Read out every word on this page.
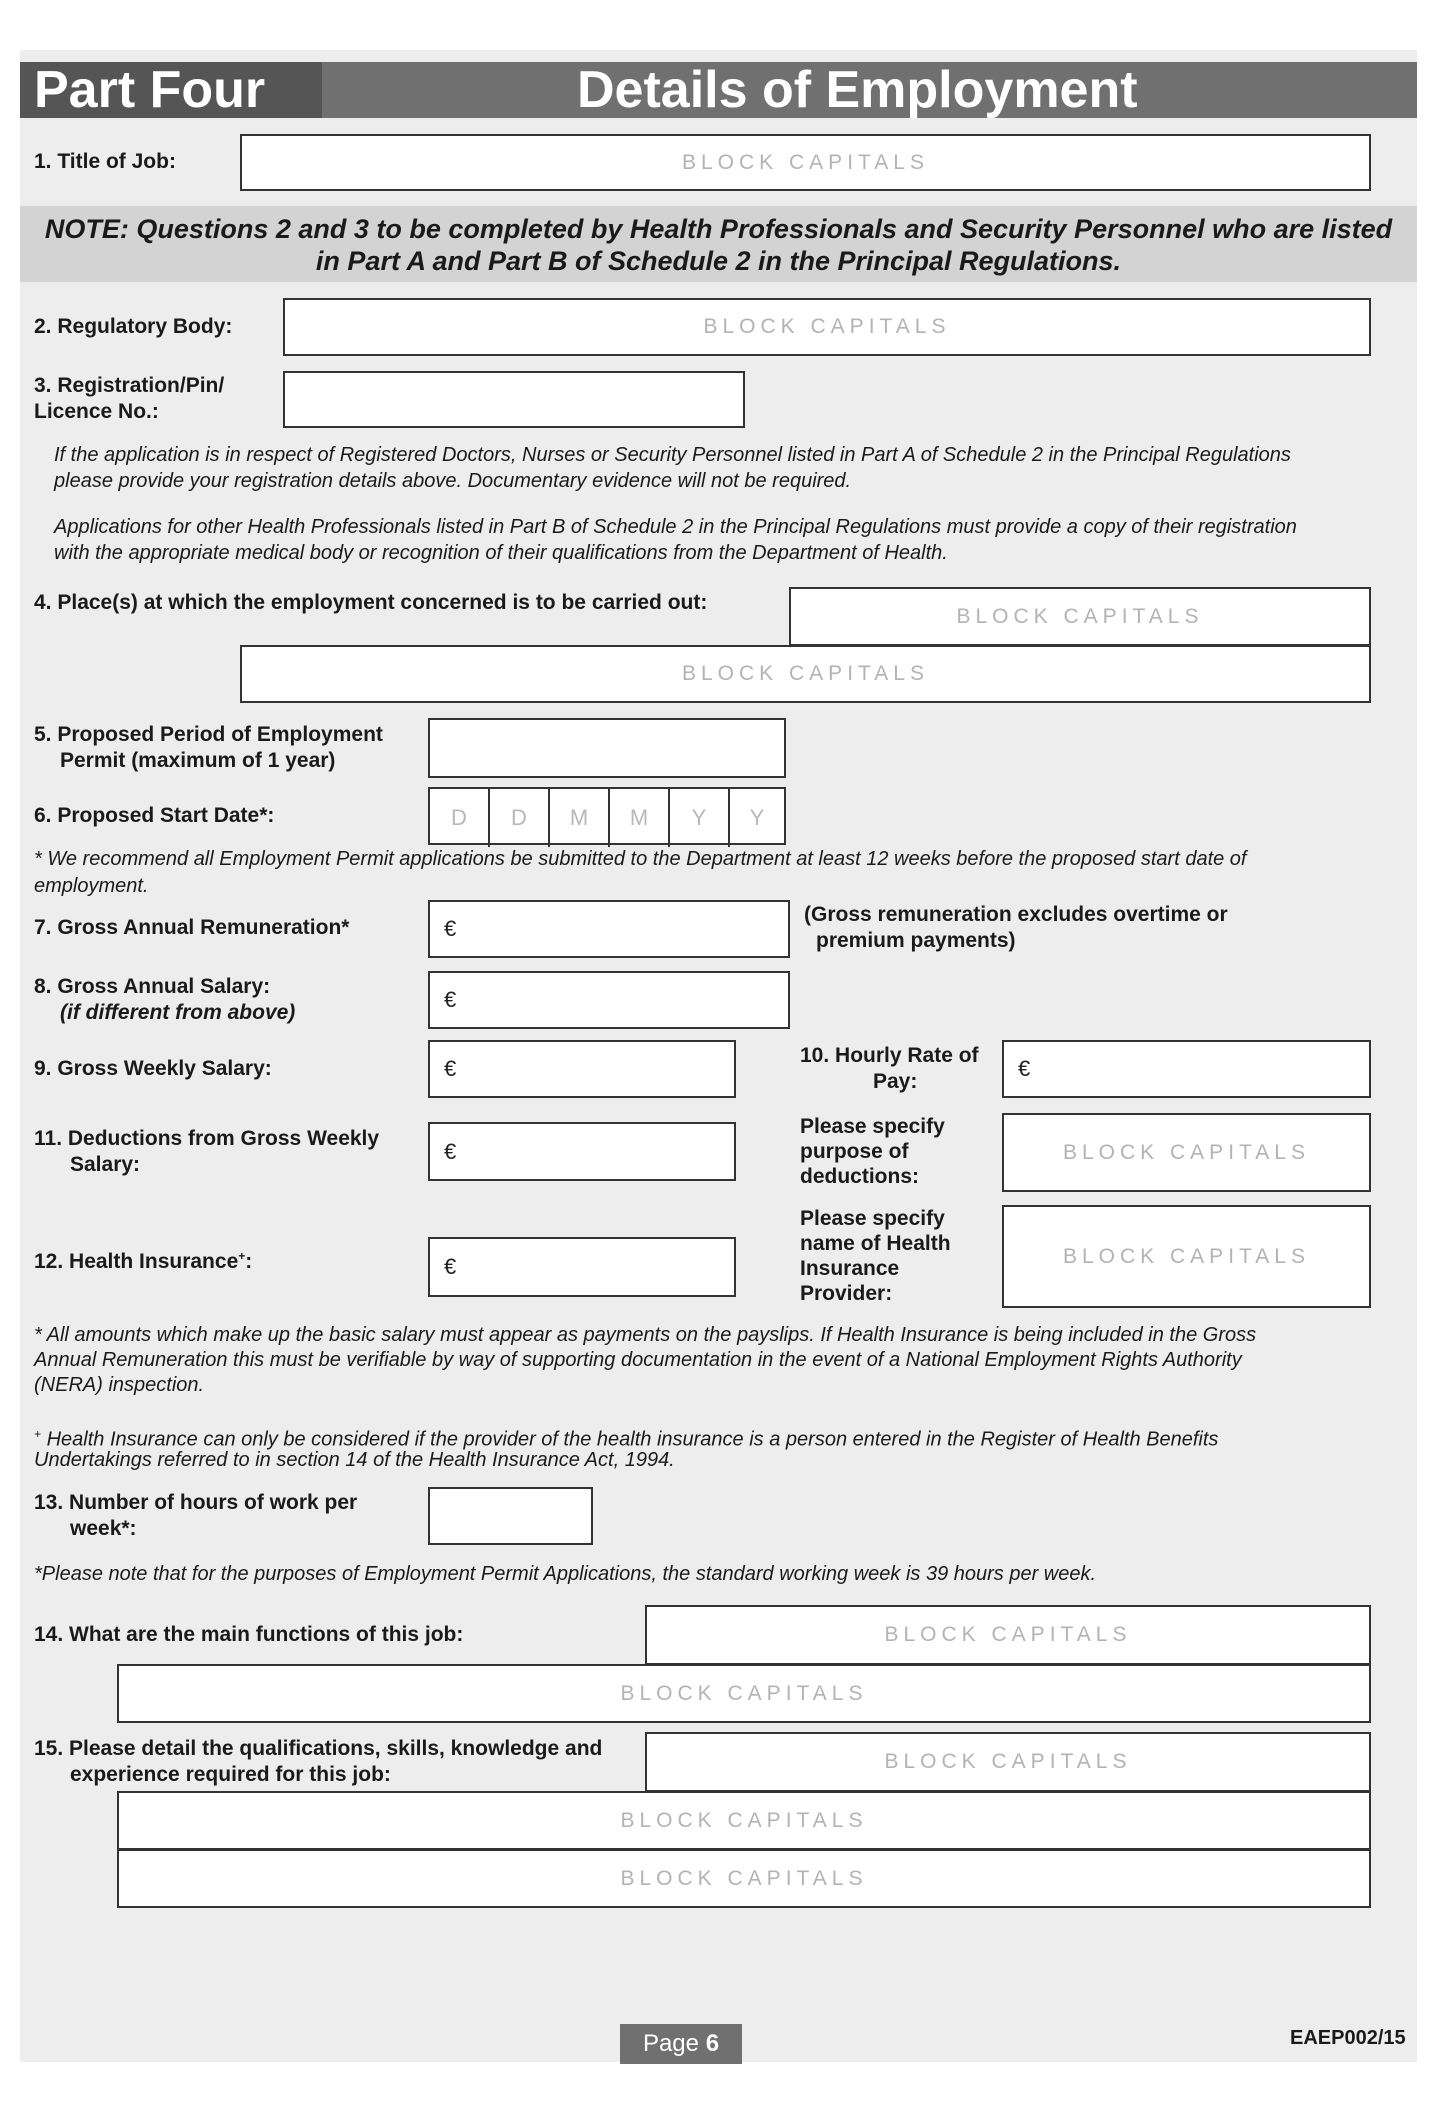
Part Four	Details of Employment
1. Title of Job:	BLOCK CAPITALS
NOTE: Questions 2 and 3 to be completed by Health Professionals and Security Personnel who are listed
in Part A and Part B of Schedule 2 in the Principal Regulations.
2. Regulatory Body:	BLOCK CAPITALS
3. Registration/Pin/
Licence No.:
If the application is in respect of Registered Doctors, Nurses or Security Personnel listed in Part A of Schedule 2 in the Principal Regulations
please provide your registration details above. Documentary evidence will not be required.
Applications for other Health Professionals listed in Part B of Schedule 2 in the Principal Regulations must provide a copy of their registration
with the appropriate medical body or recognition of their qualifications from the Department of Health.
4. Place(s) at which the employment concerned is to be carried out:
BLOCK CAPITALS
BLOCK CAPITALS
5. Proposed Period of Employment
Permit (maximum of 1 year)
6. Proposed Start Date*:	D	D	M	M	Y	Y
* We recommend all Employment Permit applications be submitted to the Department at least 12 weeks before the proposed start date of
employment.
7. Gross Annual Remuneration*	€
(Gross remuneration excludes overtime or
premium payments)
8. Gross Annual Salary:
(if different from above)
€
9. Gross Weekly Salary:	€
10. Hourly Rate of
Pay:
€
11. Deductions from Gross Weekly
Salary:
€
Please specify
purpose of
deductions:
BLOCK CAPITALS
12. Health Insurance+:	€
Please specify
name of Health
Insurance
Provider:
BLOCK CAPITALS
* All amounts which make up the basic salary must appear as payments on the payslips. If Health Insurance is being included in the Gross
Annual Remuneration this must be verifiable by way of supporting documentation in the event of a National Employment Rights Authority
(NERA) inspection.
+ Health Insurance can only be considered if the provider of the health insurance is a person entered in the Register of Health Benefits
Undertakings referred to in section 14 of the Health Insurance Act, 1994.
13. Number of hours of work per
week*:
*Please note that for the purposes of Employment Permit Applications, the standard working week is 39 hours per week.
14. What are the main functions of this job:	BLOCK CAPITALS
BLOCK CAPITALS
15. Please detail the qualifications, skills, knowledge and
experience required for this job:
BLOCK CAPITALS
BLOCK CAPITALS
BLOCK CAPITALS
Page
6	EAEP002/15
